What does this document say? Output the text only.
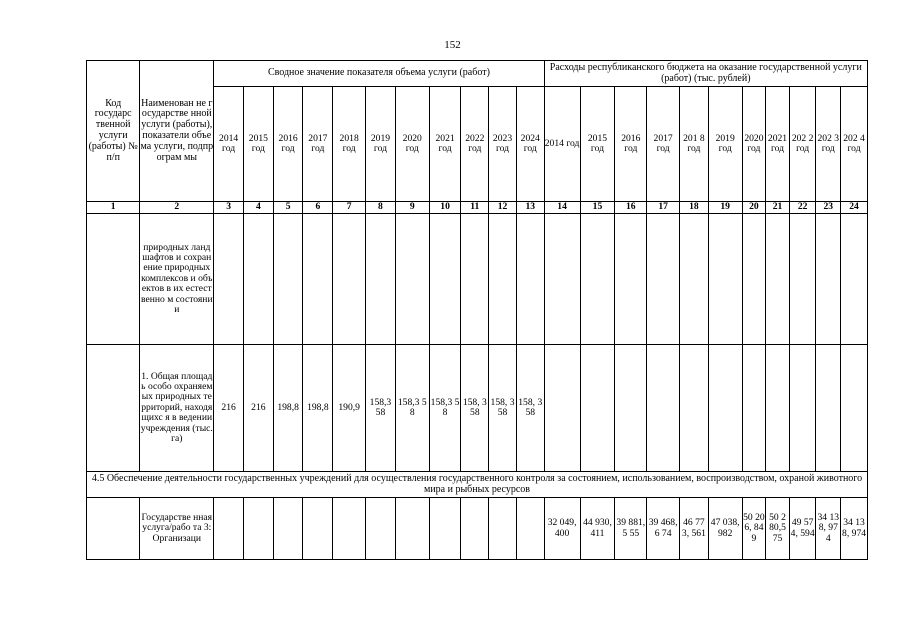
152
Код государс твенной услуги (работы) № п/п	Наименован не государстве нной услуги (работы), показатели объема услуги, подпрограм мы	Сводное значение показателя объема услуги (работ)											Расходы республиканского бюджета на оказание государственной услуги (работ) (тыс. рублей)										
		2014 год	2015 год	2016 год	2017 год	2018 год	2019 год	2020 год	2021 год	2022 год	2023 год	2024 год	2014 год	2015 год	2016 год	2017 год	201 8 год	2019 год	2020 год	2021 год	202 2 год	202 3 год	202 4 год
1	2	3	4	5	6	7	8	9	10	11	12	13	14	15	16	17	18	19	20	21	22	23	24
	природных ландшафтов и сохранение природных комплексов и объектов в их естественно м состоянии																						
	1. Общая площадь особо охраняемых природных территорий, находящихс я в ведении учреждения (тыс. га)	216	216	198,8	198,8	190,9	158,3 58	158,3 58	158,3 58	158, 358	158, 358	158, 358											
4.5 Обеспечение деятельности государственных учреждений для осуществления государственного контроля за состоянием, использованием, воспроизводством, охраной животного мира и рыбных ресурсов																							
	Государстве нная услуга/рабо та 3: Организаци												32 049, 400	44 930, 411	39 881,5 55	39 468,6 74	46 773, 561	47 038, 982	50 206, 849	50 2 80,5 75	49 574, 594	34 138, 974	34 138, 974
